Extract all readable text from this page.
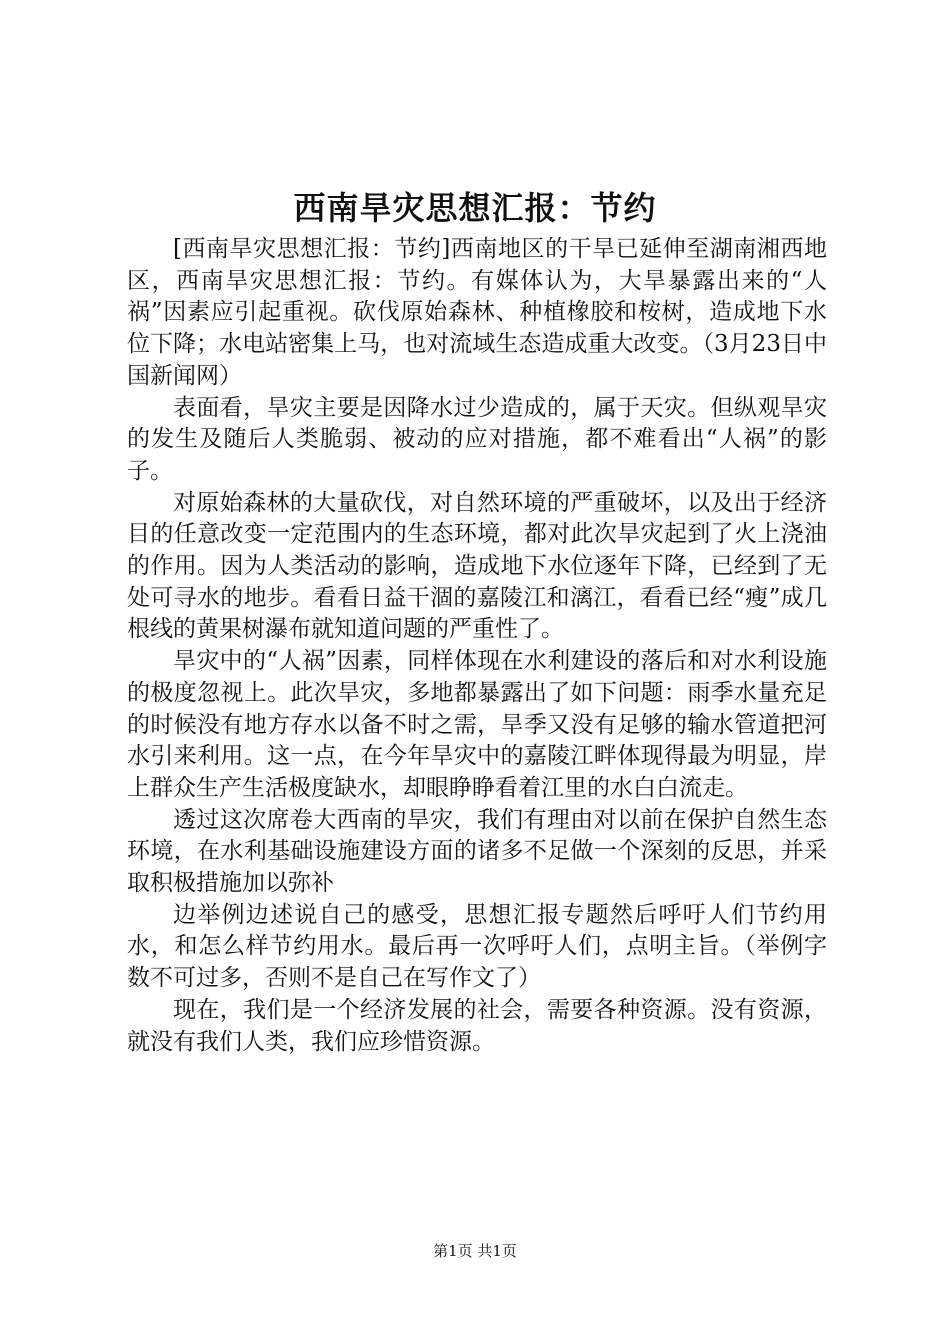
西南旱灾思想汇报：节约

[西南旱灾思想汇报：节约]西南地区的干旱已延伸至湖南湘西地区，西南旱灾思想汇报：节约。有媒体认为，大旱暴露出来的“人祸”因素应引起重视。砍伐原始森林、种植橡胶和桉树，造成地下水位下降；水电站密集上马，也对流域生态造成重大改变。（3月23日中国新闻网）

表面看，旱灾主要是因降水过少造成的，属于天灾。但纵观旱灾的发生及随后人类脆弱、被动的应对措施，都不难看出“人祸”的影子。

对原始森林的大量砍伐，对自然环境的严重破坏，以及出于经济目的任意改变一定范围内的生态环境，都对此次旱灾起到了火上浇油的作用。因为人类活动的影响，造成地下水位逐年下降，已经到了无处可寻水的地步。看看日益干涸的嘉陵江和漓江，看看已经“瘦”成几根线的黄果树瀑布就知道问题的严重性了。

旱灾中的“人祸”因素，同样体现在水利建设的落后和对水利设施的极度忽视上。此次旱灾，多地都暴露出了如下问题：雨季水量充足的时候没有地方存水以备不时之需，旱季又没有足够的输水管道把河水引来利用。这一点，在今年旱灾中的嘉陵江畔体现得最为明显，岸上群众生产生活极度缺水，却眼睁睁看着江里的水白白流走。

透过这次席卷大西南的旱灾，我们有理由对以前在保护自然生态环境，在水利基础设施建设方面的诸多不足做一个深刻的反思，并采取积极措施加以弥补

边举例边述说自己的感受，思想汇报专题然后呼吁人们节约用水，和怎么样节约用水。最后再一次呼吁人们，点明主旨。（举例字数不可过多，否则不是自己在写作文了）

现在，我们是一个经济发展的社会，需要各种资源。没有资源，就没有我们人类，我们应珍惜资源。

第1页 共1页
